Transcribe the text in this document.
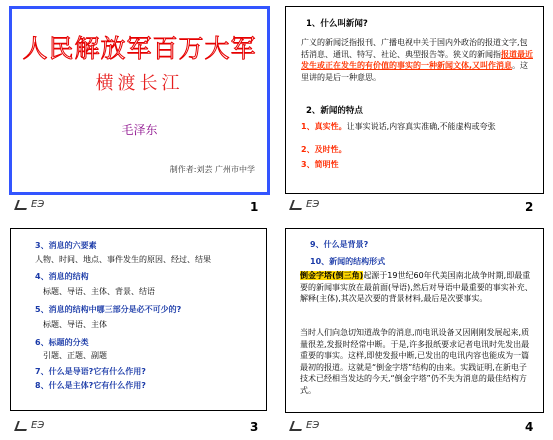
人民解放军百万大军
横渡长江
毛泽东
制作者:刘芸 广州市中学
ЕЭ	1
1、什么叫新闻?
广义的新闻泛指报刊、广播电视中关于国内外政治的报道文字,包括消息、通讯、特写、社论、典型报告等。狭义的新闻指报道最近发生或正在发生的有价值的事实的一种新闻文体,又叫作消息。这里讲的是后一种意思。
2、新闻的特点
1、真实性。让事实说话,内容真实准确,不能虚构或夸张
2、及时性。
3、简明性
ЕЭ	2
3、消息的六要素
人物、时间、地点、事件发生的原因、经过、结果
4、消息的结构
标题、导语、主体、背景、结语
5、消息的结构中哪三部分是必不可少的?
标题、导语、主体
6、标题的分类
引题、正题、副题
7、什么是导语?它有什么作用?
8、什么是主体?它有什么作用?
ЕЭ	3
9、什么是背景?
10、新闻的结构形式
倒金字塔(倒三角)起源于19世纪60年代美国南北战争时期,即最重要的新闻事实放在最前面(导语),然后对导语中最重要的事实补充、解释(主体),其次是次要的背景材料,最后是次要事实。
当时人们向急切知道战争的消息,而电讯设备又因刚刚发展起来,质量很差,发报时经常中断。于是,许多报纸要求记者电讯时先发出最重要的事实。这样,即使发报中断,已发出的电讯内容也能成为一篇最初的报道。这就是“倒金字塔”结构的由来。实践证明,在新电子技术已经相当发达的今天,“倒金字塔”仍不失为消息的最佳结构方式。
ЕЭ	4
